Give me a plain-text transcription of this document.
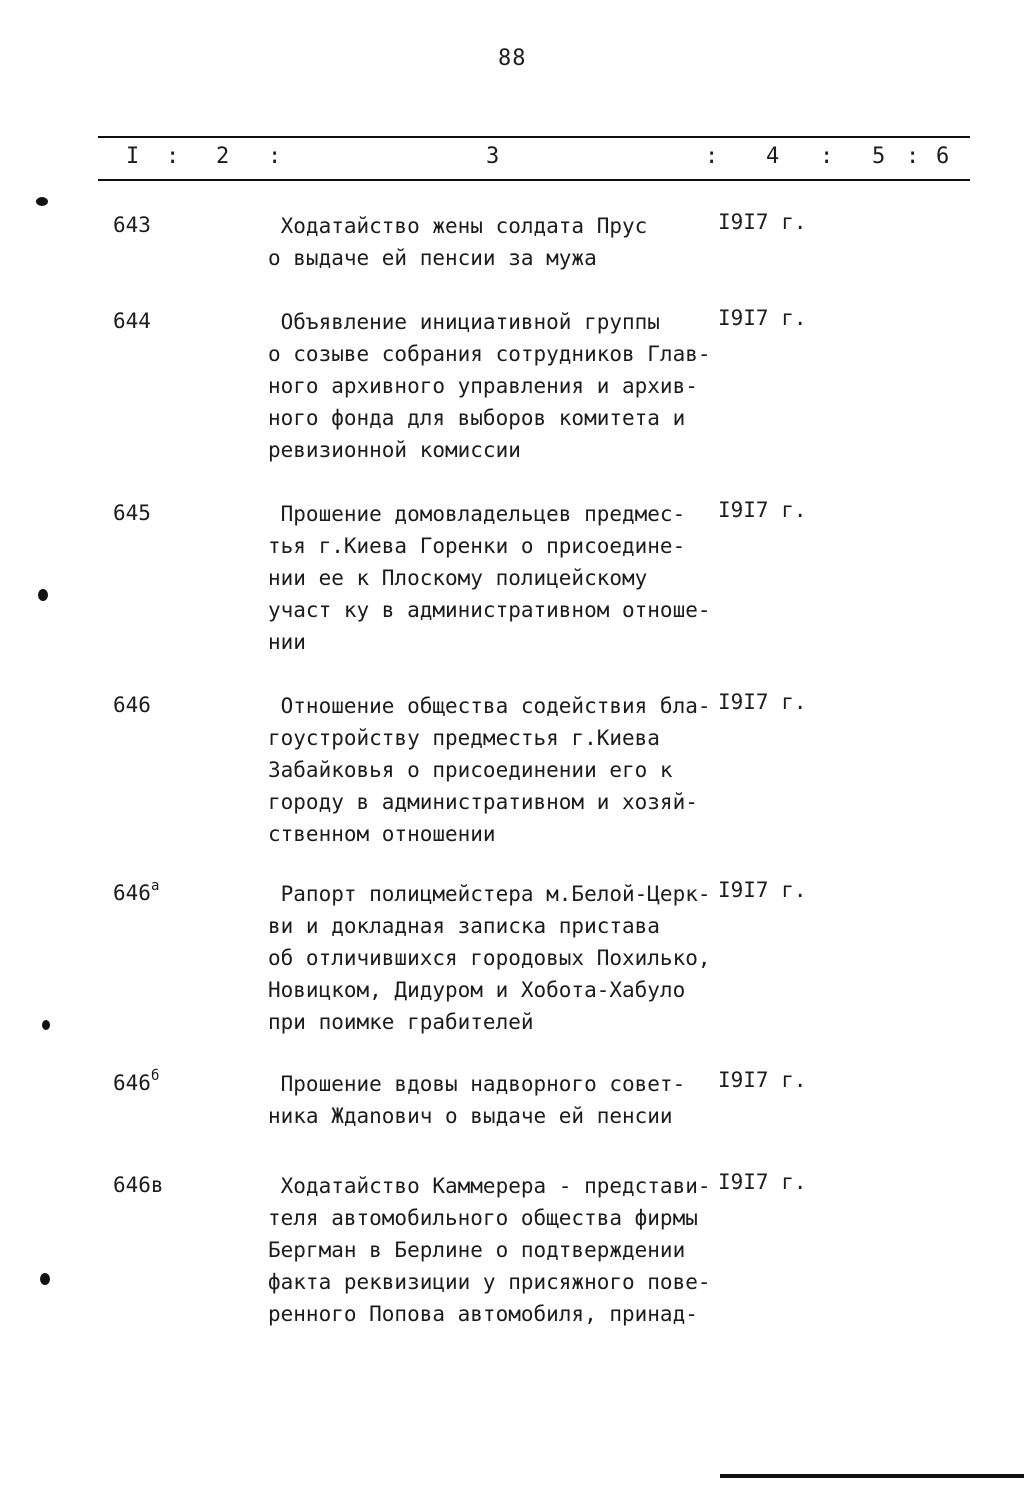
88
I : 2 :	3	: 4 : 5 : 6
643	Ходатайство жены солдата Прус
о выдаче ей пенсии за мужа
I9I7 г.
644	Объявление инициативной группы
о созыве собрания сотрудников Глав-
ного архивного управления и архив-
ного фонда для выборов комитета и
ревизионной комиссии
I9I7 г.
645	Прошение домовладельцев предмес-
тья г.Киева Горенки о присоедине-
нии ее к Плоскому полицейскому
участ ку в административном отноше-
нии
I9I7 г.
646	Отношение общества содействия бла-
гоустройству предместья г.Киева
Забайковья о присоединении его к
городу в административном и хозяй-
ственном отношении
I9I7 г.
$646^а$	Рапорт полицмейстера м.Белой-Церк-
ви и докладная записка пристава
об отличившихся городовых Похилько,
Новицком, Дидуром и Хобота-Хабуло
при поимке грабителей
I9I7 г.
$646^б$	Прошение вдовы надворного совет-
ника Ждanович о выдаче ей пенсии
I9I7 г.
646в	Ходатайство Каммерера - представи-
теля автомобильного общества фирмы
Бергман в Берлине о подтверждении
факта реквизиции у присяжного пове-
ренного Попова автомобиля, принад-
I9I7 г.
